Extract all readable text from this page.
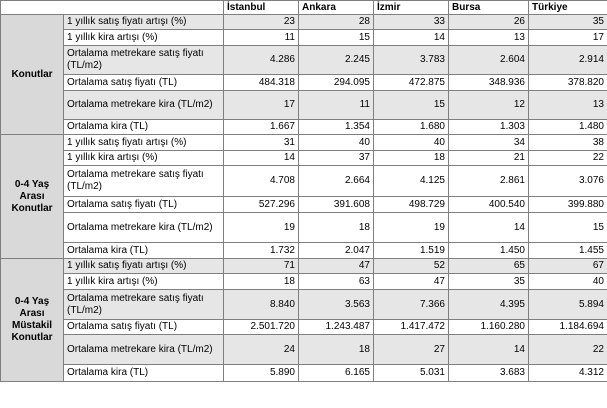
		İstanbul	Ankara	İzmir	Bursa	Türkiye
Konutlar	1 yıllık satış fiyatı artışı (%)	23	28	33	26	35
	1 yıllık kira artışı (%)	11	15	14	13	17
	Ortalama metrekare satış fiyatı (TL/m2)	4.286	2.245	3.783	2.604	2.914
	Ortalama satış fiyatı (TL)	484.318	294.095	472.875	348.936	378.820
	Ortalama metrekare kira (TL/m2)	17	11	15	12	13
	Ortalama kira (TL)	1.667	1.354	1.680	1.303	1.480
0-4 Yaş Arası Konutlar	1 yıllık satış fiyatı artışı (%)	31	40	40	34	38
	1 yıllık kira artışı (%)	14	37	18	21	22
	Ortalama metrekare satış fiyatı (TL/m2)	4.708	2.664	4.125	2.861	3.076
	Ortalama satış fiyatı (TL)	527.296	391.608	498.729	400.540	399.880
	Ortalama metrekare kira (TL/m2)	19	18	19	14	15
	Ortalama kira (TL)	1.732	2.047	1.519	1.450	1.455
0-4 Yaş Arası Müstakil Konutlar	1 yıllık satış fiyatı artışı (%)	71	47	52	65	67
	1 yıllık kira artışı (%)	18	63	47	35	40
	Ortalama metrekare satış fiyatı (TL/m2)	8.840	3.563	7.366	4.395	5.894
	Ortalama satış fiyatı (TL)	2.501.720	1.243.487	1.417.472	1.160.280	1.184.694
	Ortalama metrekare kira (TL/m2)	24	18	27	14	22
	Ortalama kira (TL)	5.890	6.165	5.031	3.683	4.312
